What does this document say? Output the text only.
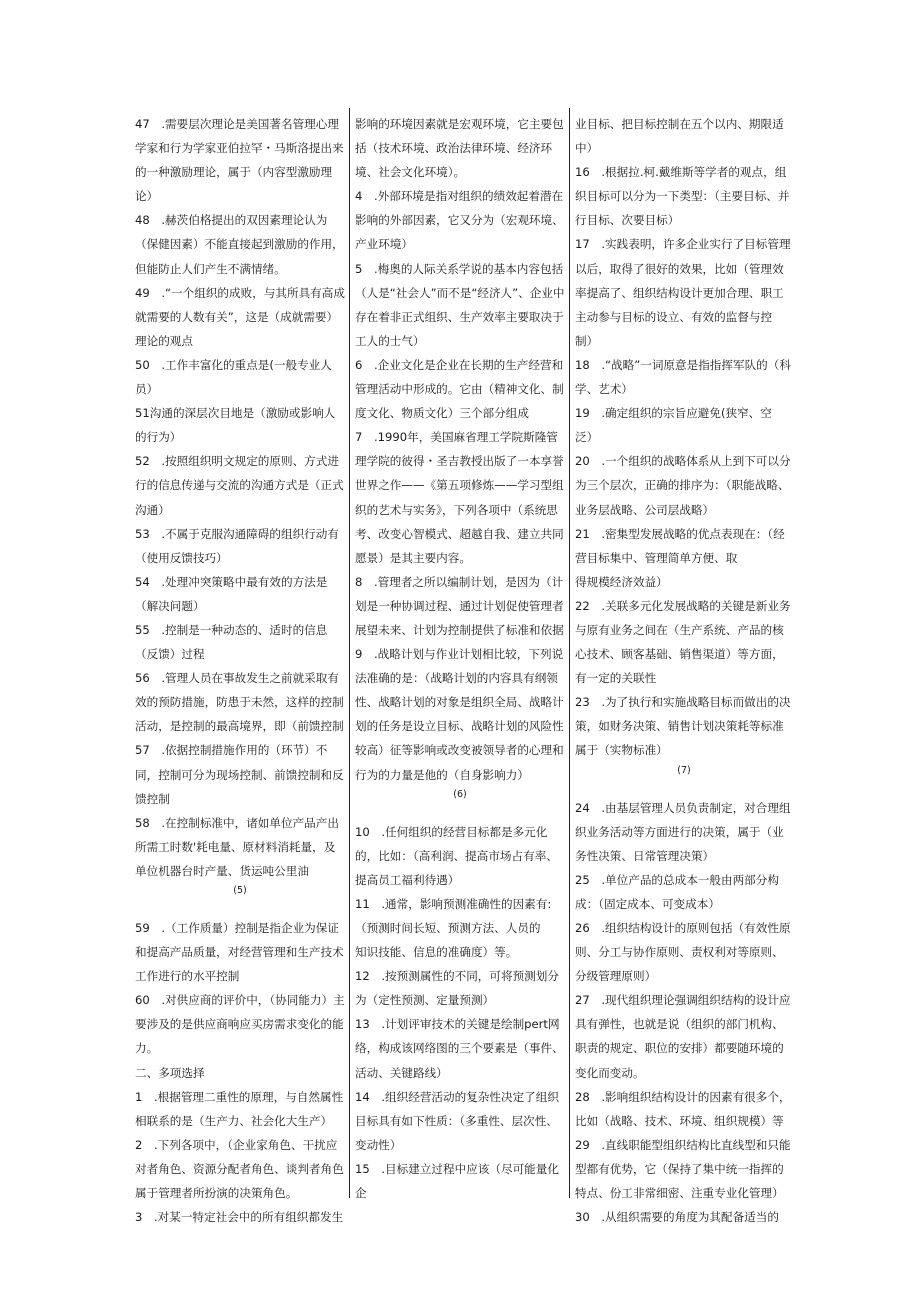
47　.需要层次理论是美国著名管理心理学家和行为学家亚伯拉罕・马斯洛提出来的一种激励理论，属于（内容型激励理论）
48　.赫茨伯格提出的双因素理论认为（保健因素）不能直接起到激励的作用，但能防止人们产生不满情绪。
49　.“一个组织的成败，与其所具有高成就需要的人数有关”，这是（成就需要）理论的观点
50　.工作丰富化的重点是(一般专业人员）
51沟通的深层次目地是（激励或影响人的行为）
52　.按照组织明文规定的原则、方式进行的信息传递与交流的沟通方式是（正式沟通）
53　.不属于克服沟通障碍的组织行动有（使用反馈技巧）
54　.处理冲突策略中最有效的方法是（解决问题）
55　.控制是一种动态的、适时的信息（反馈）过程
56　.管理人员在事故发生之前就采取有效的预防措施，防患于未然，这样的控制活动，是控制的最高境界，即（前馈控制
57　.依据控制措施作用的（环节）不同，控制可分为现场控制、前馈控制和反馈控制
58　.在控制标准中，诸如单位产品产出所需工时数'耗电量、原材料消耗量，及单位机器台时产量、货运吨公里油
(5)
59　.（工作质量）控制是指企业为保证和提高产品质量，对经营管理和生产技术工作进行的水平控制
60　.对供应商的评价中，（协同能力）主要涉及的是供应商响应买房需求变化的能力。
二、多项选择
1　.根据管理二重性的原理，与自然属性相联系的是（生产力、社会化大生产）
2　.下列各项中，（企业家角色、干扰应对者角色、资源分配者角色、谈判者角色属于管理者所扮演的决策角色。
3　.对某一特定社会中的所有组织都发生
影响的环境因素就是宏观环境，它主要包括（技术环境、政治法律环境、经济环境、社会文化环境）。
4　.外部环境是指对组织的绩效起着潜在影响的外部因素，它又分为（宏观环境、产业环境）
5　.梅奥的人际关系学说的基本内容包括（人是“社会人”而不是“经济人”、企业中存在着非正式组织、生产效率主要取决于工人的士气）
6　.企业文化是企业在长期的生产经营和管理活动中形成的。它由（精神文化、制度文化、物质文化）三个部分组成
7　.1990年，美国麻省理工学院斯隆管理学院的彼得・圣吉教授出版了一本享誉世界之作——《第五项修炼——学习型组织的艺术与实务》，下列各项中（系统思考、改变心智模式、超越自我、建立共同愿景）是其主要内容。
8　.管理者之所以编制计划，是因为（计划是一种协调过程、通过计划促使管理者展望未来、计划为控制提供了标准和依据
9　.战略计划与作业计划相比较，下列说法准确的是：（战略计划的内容具有纲领性、战略计划的对象是组织全局、战略计划的任务是设立目标、战略计划的风险性较高）征等影响或改变被领导者的心理和行为的力量是他的（自身影响力）
(6)
10　.任何组织的经营目标都是多元化的，比如：（高利润、提高市场占有率、提高员工福利待遇）
11　.通常，影响预测准确性的因素有:（预测时间长短、预测方法、人员的
知识技能、信息的准确度）等。
12　.按预测属性的不同，可将预测划分为（定性预测、定量预测）
13　.计划评审技术的关键是绘制pert网络，构成该网络图的三个要素是（事件、活动、关键路线）
14　.组织经营活动的复杂性决定了组织目标具有如下性质：（多重性、层次性、变动性）
15　.目标建立过程中应该（尽可能量化企
业目标、把目标控制在五个以内、期限适中）
16　.根据拉.柯.戴维斯等学者的观点，组织目标可以分为一下类型：（主要目标、并行目标、次要目标）
17　.实践表明，许多企业实行了目标管理以后，取得了很好的效果，比如（管理效率提高了、组织结构设计更加合理、职工主动参与目标的设立、有效的监督与控制）
18　.“战略”一词原意是指指挥军队的（科学、艺术）
19　.确定组织的宗旨应避免(狭窄、空泛）
20　.一个组织的战略体系从上到下可以分为三个层次，正确的排序为：（职能战略、业务层战略、公司层战略）
21　.密集型发展战略的优点表现在：（经营目标集中、管理简单方便、取
得规模经济效益）
22　.关联多元化发展战略的关键是新业务与原有业务之间在（生产系统、产品的核心技术、顾客基础、销售渠道）等方面，有一定的关联性
23　.为了执行和实施战略目标而做出的决策，如财务决策、销售计划决策耗等标准属于（实物标准）
(7)
24　.由基层管理人员负责制定，对合理组织业务活动等方面进行的决策，属于（业务性决策、日常管理决策）
25　.单位产品的总成本一般由两部分构成：（固定成本、可变成本）
26　.组织结构设计的原则包括（有效性原则、分工与协作原则、责权利对等原则、分级管理原则）
27　.现代组织理论强调组织结构的设计应具有弹性，也就是说（组织的部门机构、职责的规定、职位的安排）都要随环境的变化而变动。
28　.影响组织结构设计的因素有很多个，比如（战略、技术、环境、组织规模）等
29　.直线职能型组织结构比直线型和只能型都有优势，它（保持了集中统一指挥的特点、份工非常细密、注重专业化管理）
30　.从组织需要的角度为其配备适当的
